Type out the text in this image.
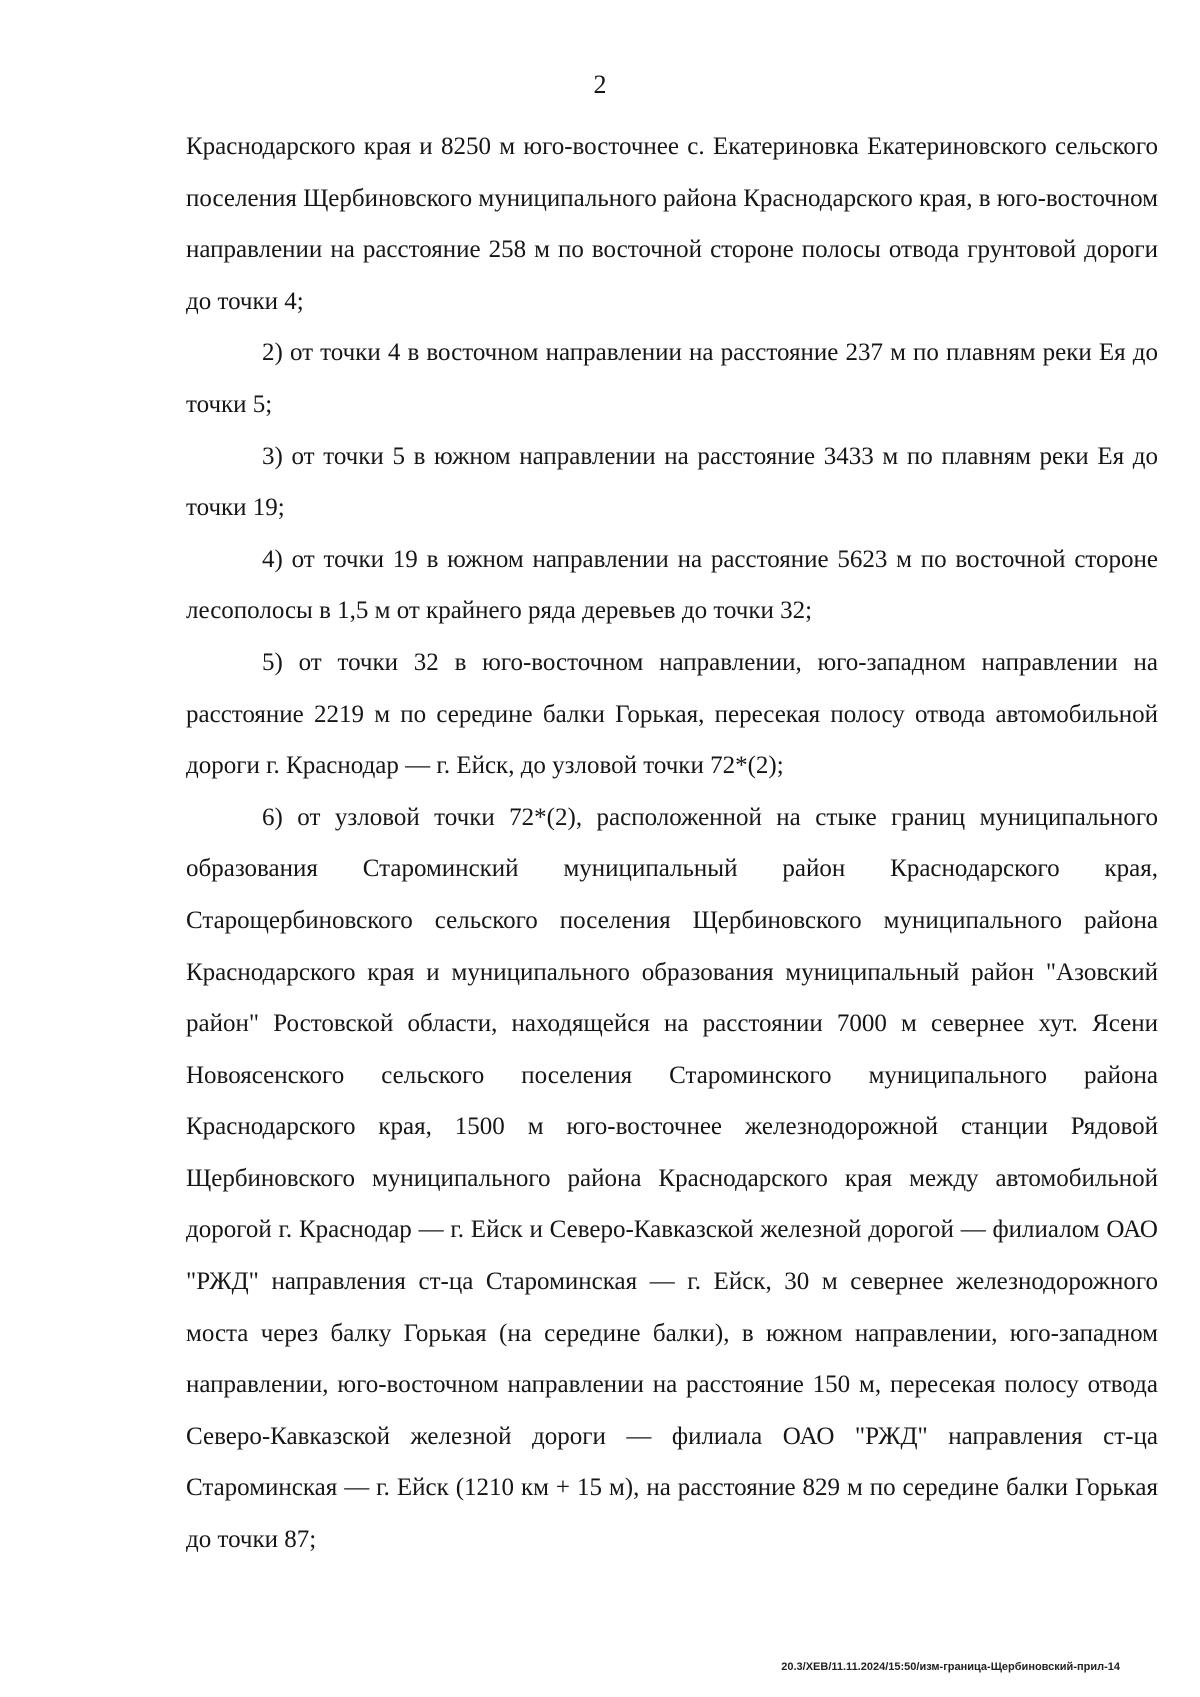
2

Краснодарского края и 8250 м юго-восточнее с. Екатериновка Екатериновского сельского поселения Щербиновского муниципального района Краснодарского края, в юго-восточном направлении на расстояние 258 м по восточной стороне полосы отвода грунтовой дороги до точки 4;

2) от точки 4 в восточном направлении на расстояние 237 м по плавням реки Ея до точки 5;

3) от точки 5 в южном направлении на расстояние 3433 м по плавням реки Ея до точки 19;

4) от точки 19 в южном направлении на расстояние 5623 м по восточной стороне лесополосы в 1,5 м от крайнего ряда деревьев до точки 32;

5) от точки 32 в юго-восточном направлении, юго-западном направлении на расстояние 2219 м по середине балки Горькая, пересекая полосу отвода автомобильной дороги г. Краснодар — г. Ейск, до узловой точки 72*(2);

6) от узловой точки 72*(2), расположенной на стыке границ муниципального образования Староминский муниципальный район Краснодарского края, Старощербиновского сельского поселения Щербиновского муниципального района Краснодарского края и муниципального образования муниципальный район "Азовский район" Ростовской области, находящейся на расстоянии 7000 м севернее хут. Ясени Новоясенского сельского поселения Староминского муниципального района Краснодарского края, 1500 м юго-восточнее железнодорожной станции Рядовой Щербиновского муниципального района Краснодарского края между автомобильной дорогой г. Краснодар — г. Ейск и Северо-Кавказской железной дорогой — филиалом ОАО "РЖД" направления ст-ца Староминская — г. Ейск, 30 м севернее железнодорожного моста через балку Горькая (на середине балки), в южном направлении, юго-западном направлении, юго-восточном направлении на расстояние 150 м, пересекая полосу отвода Северо-Кавказской железной дороги — филиала ОАО "РЖД" направления ст-ца Староминская — г. Ейск (1210 км + 15 м), на расстояние 829 м по середине балки Горькая до точки 87;

20.3/ХЕВ/11.11.2024/15:50/изм-граница-Щербиновский-прил-14
